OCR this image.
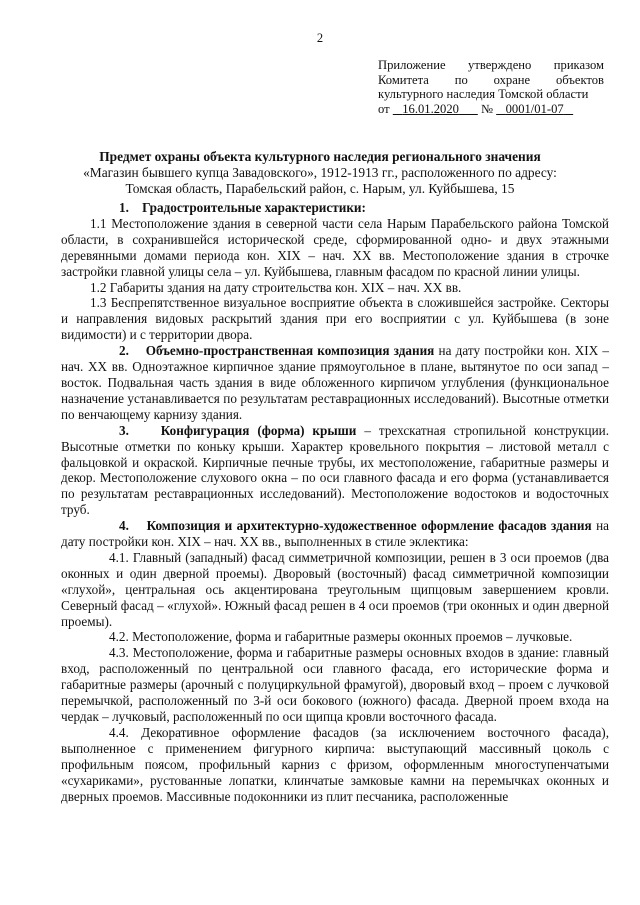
2
Приложение утверждено приказом
Комитета по охране объектов
культурного наследия Томской области
от 16.01.2020 № 0001/01-07
Предмет охраны объекта культурного наследия регионального значения
«Магазин бывшего купца Завадовского», 1912-1913 гг., расположенного по адресу:
Томская область, Парабельский район, с. Нарым, ул. Куйбышева, 15

1. Градостроительные характеристики:

1.1 Местоположение здания в северной части села Нарым Парабельского района Томской области, в сохранившейся исторической среде, сформированной одно- и двух этажными деревянными домами периода кон. XIX – нач. XX вв. Местоположение здания в строчке застройки главной улицы села – ул. Куйбышева, главным фасадом по красной линии улицы.

1.2 Габариты здания на дату строительства кон. XIX – нач. XX вв.

1.3 Беспрепятственное визуальное восприятие объекта в сложившейся застройке. Секторы и направления видовых раскрытий здания при его восприятии с ул. Куйбышева (в зоне видимости) и с территории двора.

2. Объемно-пространственная композиция здания на дату постройки кон. XIX – нач. XX вв. Одноэтажное кирпичное здание прямоугольное в плане, вытянутое по оси запад – восток. Подвальная часть здания в виде обложенного кирпичом углубления (функциональное назначение устанавливается по результатам реставрационных исследований). Высотные отметки по венчающему карнизу здания.

3. Конфигурация (форма) крыши – трехскатная стропильной конструкции. Высотные отметки по коньку крыши. Характер кровельного покрытия – листовой металл с фальцовкой и окраской. Кирпичные печные трубы, их местоположение, габаритные размеры и декор. Местоположение слухового окна – по оси главного фасада и его форма (устанавливается по результатам реставрационных исследований). Местоположение водостоков и водосточных труб.

4. Композиция и архитектурно-художественное оформление фасадов здания на дату постройки кон. XIX – нач. XX вв., выполненных в стиле эклектика:

4.1. Главный (западный) фасад симметричной композиции, решен в 3 оси проемов (два оконных и один дверной проемы). Дворовый (восточный) фасад симметричной композиции «глухой», центральная ось акцентирована треугольным щипцовым завершением кровли. Северный фасад – «глухой». Южный фасад решен в 4 оси проемов (три оконных и один дверной проемы).

4.2. Местоположение, форма и габаритные размеры оконных проемов – лучковые.

4.3. Местоположение, форма и габаритные размеры основных входов в здание: главный вход, расположенный по центральной оси главного фасада, его исторические форма и габаритные размеры (арочный с полуциркульной фрамугой), дворовый вход – проем с лучковой перемычкой, расположенный по 3-й оси бокового (южного) фасада. Дверной проем входа на чердак – лучковый, расположенный по оси щипца кровли восточного фасада.

4.4. Декоративное оформление фасадов (за исключением восточного фасада), выполненное с применением фигурного кирпича: выступающий массивный цоколь с профильным поясом, профильный карниз с фризом, оформленным многоступенчатыми «сухариками», рустованные лопатки, клинчатые замковые камни на перемычках оконных и дверных проемов. Массивные подоконники из плит песчаника, расположенные
